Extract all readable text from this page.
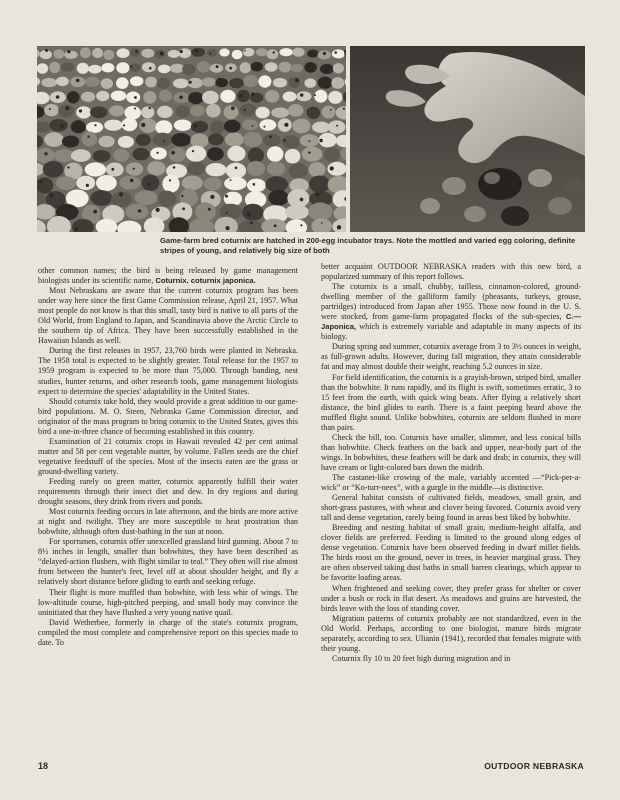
Game-farm bred coturnix are hatched in 200-egg incubator trays. Note the mottled and varied egg coloring, definite stripes of young, and relatively big size of both

other common names; the bird is being released by game management biologists under its scientific name, Coturnix. coturnix japonica.

Most Nebraskans are aware that the current coturnix program has been under way here since the first Game Commission release, April 21, 1957. What most people do not know is that this small, tasty bird is native to all parts of the Old World, from England to Japan, and Scandinavia above the Arctic Circle to the southern tip of Africa. They have been successfully established in the Hawaiian Islands as well.

During the first releases in 1957, 23,760 birds were planted in Nebraska. The 1958 total is expected to be slightly greater. Total release for the 1957 to 1959 program is expected to be more than 75,000. Through banding, nest studies, hunter returns, and other research tools, game management biologists expect to determine the species' adaptability in the United States.

Should coturnix take hold, they would provide a great addition to our game-bird populations. M. O. Steen, Nebraska Game Commission director, and originator of the mass program to bring coturnix to the United States, gives this bird a one-in-three chance of becoming established in this country.

Examination of 21 coturnix crops in Hawaii revealed 42 per cent animal matter and 58 per cent vegetable matter, by volume. Fallen seeds are the chief vegetative feedstuff of the species. Most of the insects eaten are the grass or ground-dwelling variety.

Feeding rarely on green matter, coturnix apparently fulfill their water requirements through their insect diet and dew. In dry regions and during drought seasons, they drink from rivers and ponds.

Most coturnix feeding occurs in late afternoon, and the birds are more active at night and twilight. They are more susceptible to heat prostration than bobwhite, although often dust-bathing in the sun at noon.

For sportsmen, coturnix offer unexcelled grassland bird gunning. About 7 to 8½ inches in length, smaller than bobwhites, they have been described as “delayed-action flushers, with flight similar to teal.” They often will rise almost from between the hunter's feet, level off at about shoulder height, and fly a relatively short distance before gliding to earth and seeking refuge.

Their flight is more muffled than bobwhite, with less whir of wings. The low-altitude course, high-pitched peeping, and small body may convince the uninitiated that they have flushed a very young native quail.

David Wetherbee, formerly in charge of the state's coturnix program, compiled the most complete and comprehensive report on this species made to date. To

better acquaint OUTDOOR NEBRASKA readers with this new bird, a popularized summary of this report follows.

The coturnix is a small, chubby, tailless, cinnamon-colored, ground-dwelling member of the galliform family (pheasants, turkeys, grouse, partridges) introduced from Japan after 1955. Those now found in the U. S. were stocked, from game-farm propagated flocks of the sub-species, C.—Japonica, which is extremely variable and adaptable in many aspects of its biology.

During spring and summer, coturnix average from 3 to 3½ ounces in weight, as full-grown adults. However, during fall migration, they attain considerable fat and may almost double their weight, reaching 5.2 ounces in size.

For field identification, the coturnix is a grayish-brown, striped bird, smaller than the bobwhite. It runs rapidly, and its flight is swift, sometimes erratic, 3 to 15 feet from the earth, with quick wing beats. After flying a relatively short distance, the bird glides to earth. There is a faint peeping heard above the muffled flight sound. Unlike bobwhites, coturnix are seldom flushed in more than pairs.

Check the bill, too. Coturnix have smaller, slimmer, and less conical bills than bobwhite. Check feathers on the back and upper, near-body part of the wings. In bobwhites, these feathers will be dark and drab; in coturnix, they will have cream or light-colored bars down the midrib.

The castanet-like crowing of the male, variably accented —“Pick-per-a-wick” or “Ko-turr-neex”, with a gurgle in the middle—is distinctive.

General habitat consists of cultivated fields, meadows, small grain, and short-grass pastures, with wheat and clover being favored. Coturnix avoid very tall and dense vegetation, rarely being found in areas best liked by bobwhite.

Breeding and nesting habitat of small grain, medium-height alfalfa, and clover fields are preferred. Feeding is limited to the ground along edges of dense vegetation. Coturnix have been observed feeding in dwarf millet fields. The birds roost on the ground, never in trees, in heavier marginal grass. They are often observed taking dust baths in small barren clearings, which appear to be favorite loafing areas.

When frightened and seeking cover, they prefer grass for shelter or cover under a bush or rock in flat desert. As meadows and grains are harvested, the birds leave with the loss of standing cover.

Migration patterns of coturnix probably are not standardized, even in the Old World. Perhaps, according to one biologist, mature birds migrate separately, according to sex. Ulianin (1941), recorded that females migrate with their young.

Coturnix fly 10 to 20 feet high during migration and in

18	OUTDOOR NEBRASKA
